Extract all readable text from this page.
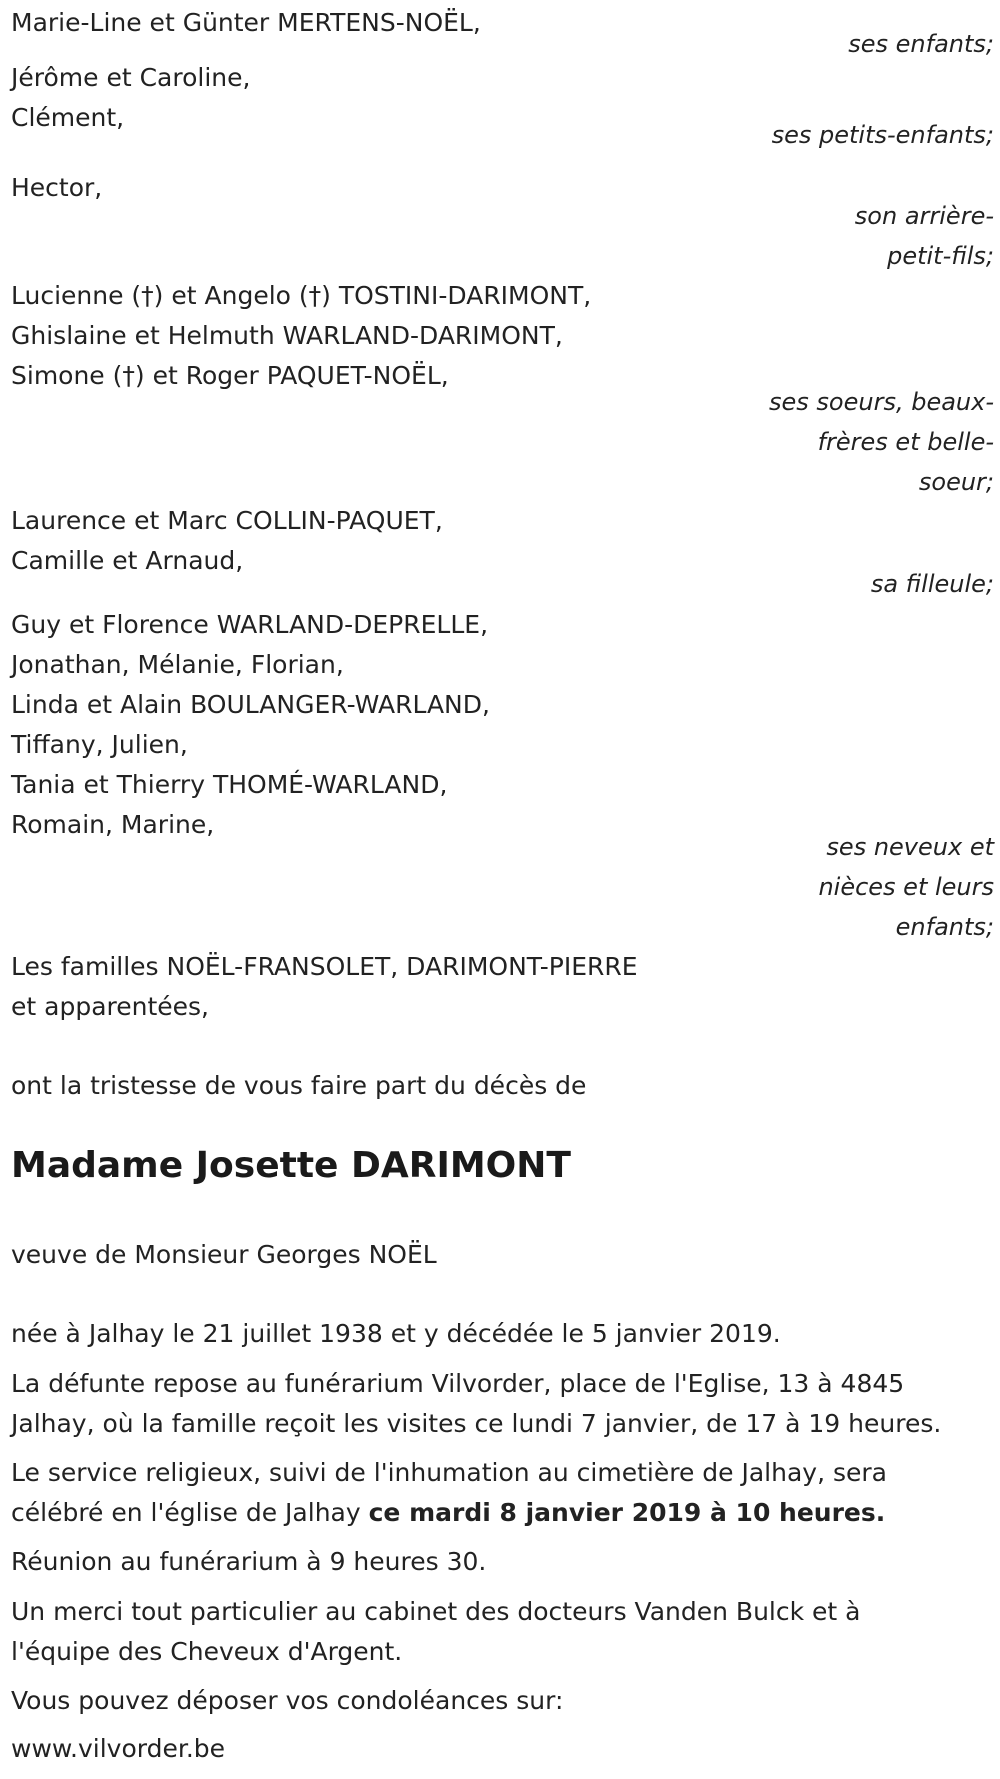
Marie-Line et Günter MERTENS-NOËL,
ses enfants;
Jérôme et Caroline,
Clément,
ses petits-enfants;
Hector,
son arrière-
petit-fils;
Lucienne (†) et Angelo (†) TOSTINI-DARIMONT,
Ghislaine et Helmuth WARLAND-DARIMONT,
Simone (†) et Roger PAQUET-NOËL,
ses soeurs, beaux-
frères et belle-
soeur;
Laurence et Marc COLLIN-PAQUET,
Camille et Arnaud,
sa filleule;
Guy et Florence WARLAND-DEPRELLE,
Jonathan, Mélanie, Florian,
Linda et Alain BOULANGER-WARLAND,
Tiffany, Julien,
Tania et Thierry THOMÉ-WARLAND,
Romain, Marine,
ses neveux et
nièces et leurs
enfants;
Les familles NOËL-FRANSOLET, DARIMONT-PIERRE
et apparentées,
ont la tristesse de vous faire part du décès de
Madame Josette DARIMONT
veuve de Monsieur Georges NOËL
née à Jalhay le 21 juillet 1938 et y décédée le 5 janvier 2019.
La défunte repose au funérarium Vilvorder, place de l'Eglise, 13 à 4845
Jalhay, où la famille reçoit les visites ce lundi 7 janvier, de 17 à 19 heures.
Le service religieux, suivi de l'inhumation au cimetière de Jalhay, sera
célébré en l'église de Jalhay ce mardi 8 janvier 2019 à 10 heures.
Réunion au funérarium à 9 heures 30.
Un merci tout particulier au cabinet des docteurs Vanden Bulck et à
l'équipe des Cheveux d'Argent.
Vous pouvez déposer vos condoléances sur:
www.vilvorder.be
